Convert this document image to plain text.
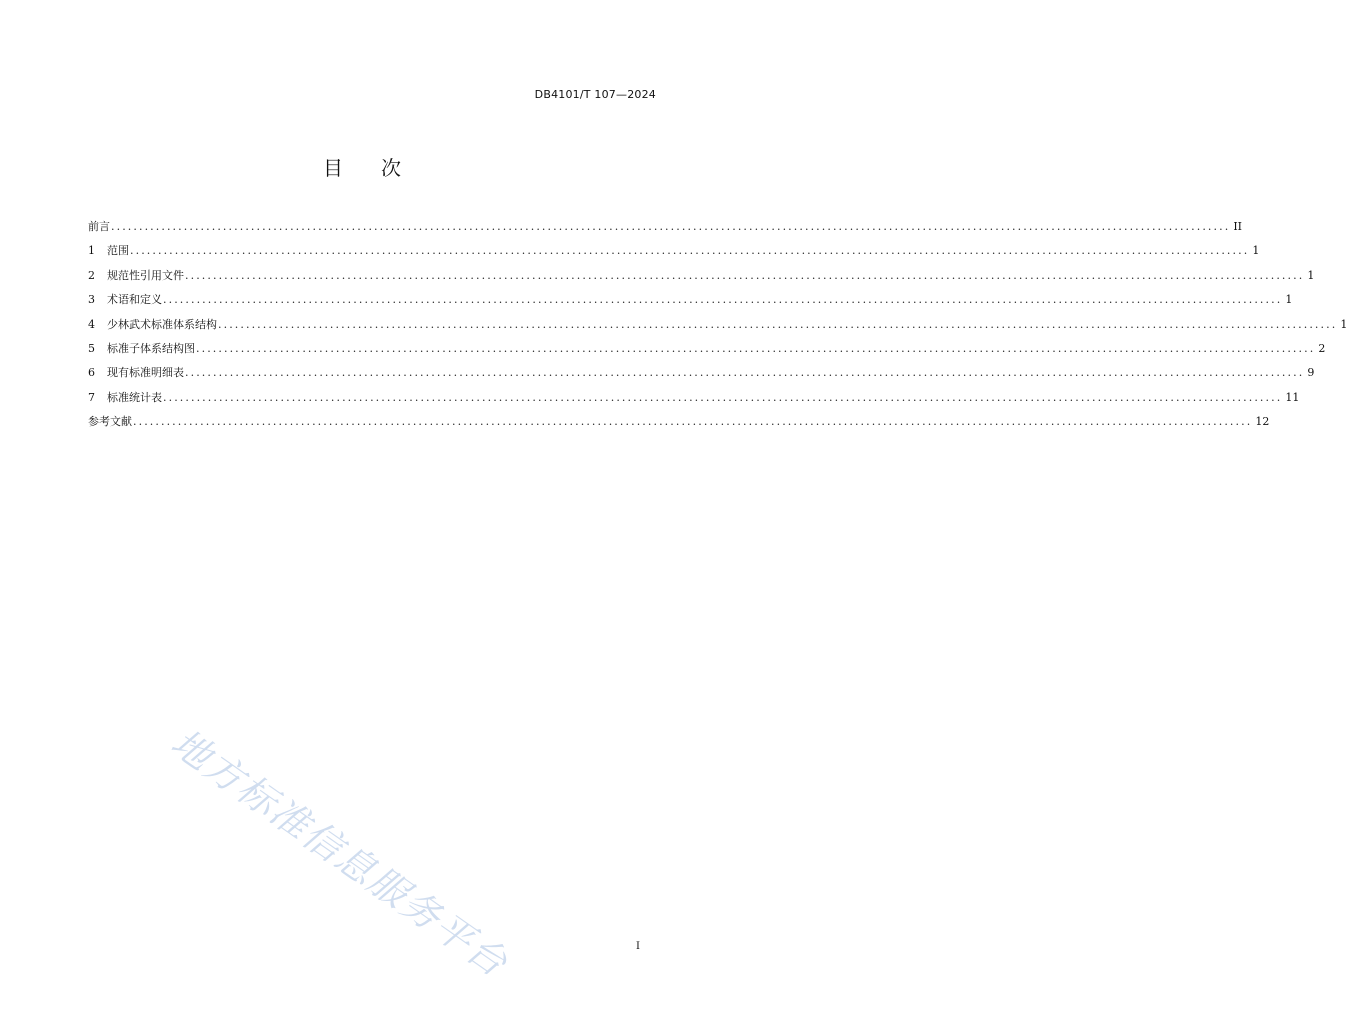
DB4101/T 107—2024
目 次
前言 ........................................................................................................................................................................................................ II
1	范围 ........................................................................................................................................................................................................ 1
2	规范性引用文件 ........................................................................................................................................................................................................ 1
3	术语和定义 ........................................................................................................................................................................................................ 1
4	少林武术标准体系结构 ........................................................................................................................................................................................................ 1
5	标准子体系结构图 ........................................................................................................................................................................................................ 2
6	现有标准明细表 ........................................................................................................................................................................................................ 9
7	标准统计表 ........................................................................................................................................................................................................ 11
参考文献 ........................................................................................................................................................................................................ 12
地方标准信息服务平台	I
